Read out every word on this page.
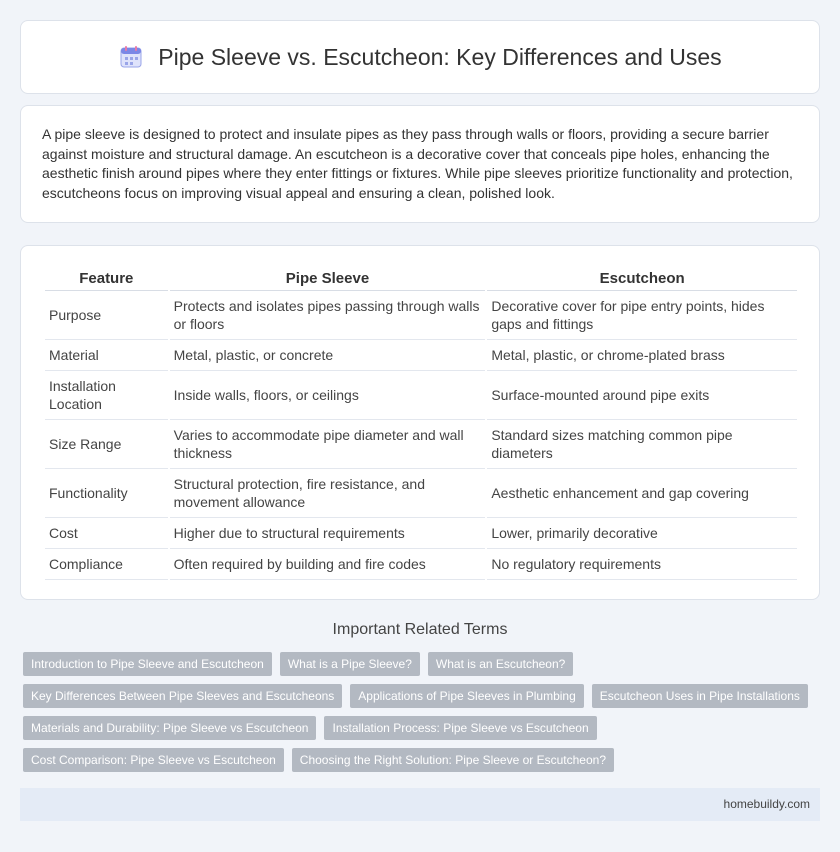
Pipe Sleeve vs. Escutcheon: Key Differences and Uses

A pipe sleeve is designed to protect and insulate pipes as they pass through walls or floors, providing a secure barrier against moisture and structural damage. An escutcheon is a decorative cover that conceals pipe holes, enhancing the aesthetic finish around pipes where they enter fittings or fixtures. While pipe sleeves prioritize functionality and protection, escutcheons focus on improving visual appeal and ensuring a clean, polished look.

Feature	Pipe Sleeve	Escutcheon
Purpose	Protects and isolates pipes passing through walls or floors	Decorative cover for pipe entry points, hides gaps and fittings
Material	Metal, plastic, or concrete	Metal, plastic, or chrome-plated brass
Installation Location	Inside walls, floors, or ceilings	Surface-mounted around pipe exits
Size Range	Varies to accommodate pipe diameter and wall thickness	Standard sizes matching common pipe diameters
Functionality	Structural protection, fire resistance, and movement allowance	Aesthetic enhancement and gap covering
Cost	Higher due to structural requirements	Lower, primarily decorative
Compliance	Often required by building and fire codes	No regulatory requirements
Important Related Terms
Introduction to Pipe Sleeve and Escutcheon	What is a Pipe Sleeve?	What is an Escutcheon?
Key Differences Between Pipe Sleeves and Escutcheons	Applications of Pipe Sleeves in Plumbing	Escutcheon Uses in Pipe Installations
Materials and Durability: Pipe Sleeve vs Escutcheon	Installation Process: Pipe Sleeve vs Escutcheon
Cost Comparison: Pipe Sleeve vs Escutcheon	Choosing the Right Solution: Pipe Sleeve or Escutcheon?
homebuildy.com
